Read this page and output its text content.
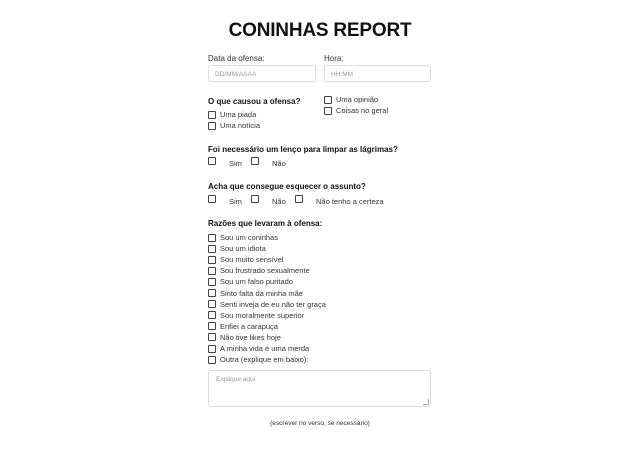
CONINHAS REPORT
Data da ofensa:
DD/MM/AAAA
Hora:
HH:MM
O que causou a ofensa?
Uma piada
Uma notícia
Uma opinião
Coisas no geral
Foi necessário um lenço para limpar as lágrimas?
Sim	Não
Acha que consegue esquecer o assunto?
Sim	Não	Não tenho a certeza
Razões que levaram à ofensa:
Sou um coninhas
Sou um idiota
Sou muito sensível
Sou frustrado sexualmente
Sou um falso puritado
Sinto falta da minha mãe
Senti inveja de eu não ter graça
Sou moralmente superior
Enfiei a carapuça
Não tive likes hoje
A minha vida é uma merda
Outra (explique em baixo):
Explique aqui
(escrever no verso, se necessário)
